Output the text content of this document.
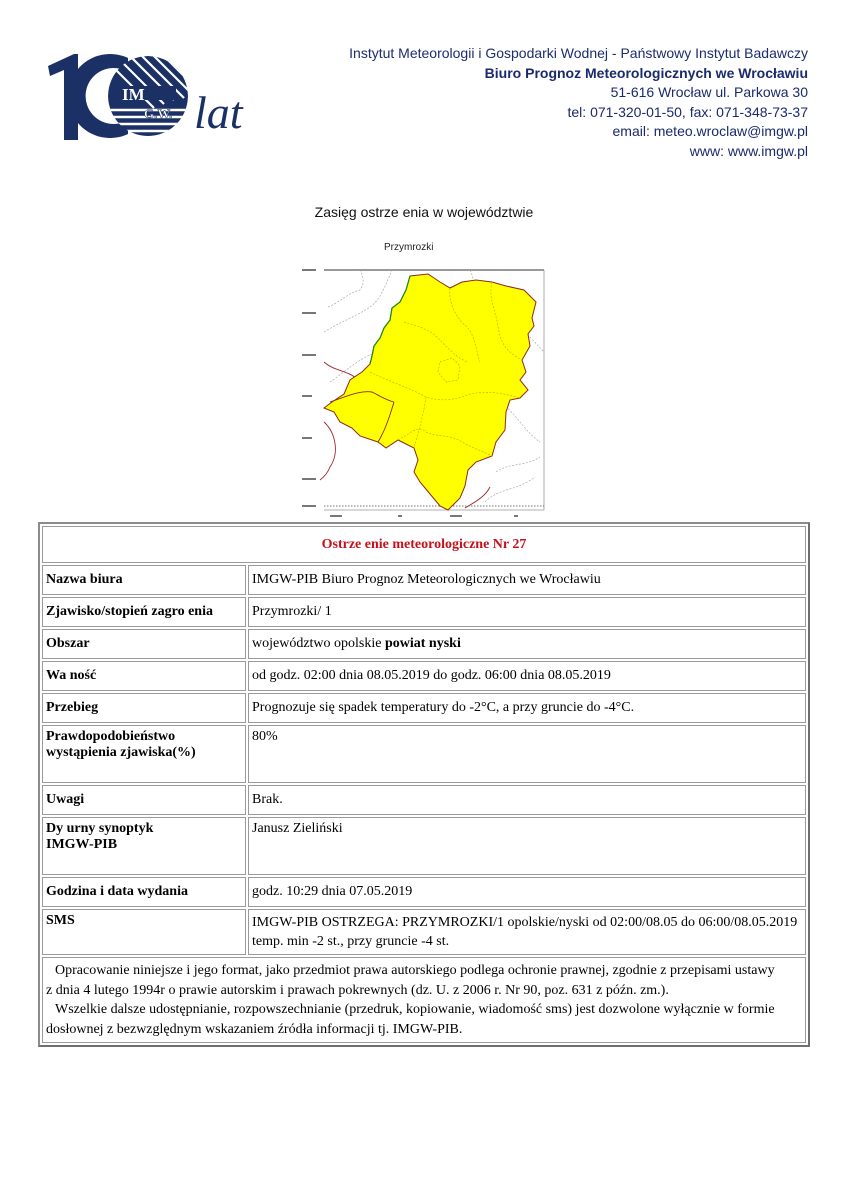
IM
G.W. lat
Instytut Meteorologii i Gospodarki Wodnej - Państwowy Instytut Badawczy
Biuro Prognoz Meteorologicznych we Wrocławiu
51-616 Wrocław ul. Parkowa 30
tel: 071-320-01-50, fax: 071-348-73-37
email: meteo.wroclaw@imgw.pl
www: www.imgw.pl
Zasięg ostrze enia w województwie
Przymrozki
Ostrze enie meteorologiczne Nr 27	
Nazwa biura	IMGW-PIB Biuro Prognoz Meteorologicznych we Wrocławiu
Zjawisko/stopień zagro enia	Przymrozki/ 1
Obszar	województwo opolskie powiat nyski
Wa ność	od godz. 02:00 dnia 08.05.2019 do godz. 06:00 dnia 08.05.2019
Przebieg	Prognozuje się spadek temperatury do -2°C, a przy gruncie do -4°C.

Prawdopodobieństwo
wystąpienia zjawiska(%)	80%
Uwagi	Brak.

Dy urny synoptyk
IMGW-PIB	Janusz Zieliński
Godzina i data wydania	godz. 10:29 dnia 07.05.2019
SMS	IMGW-PIB OSTRZEGA: PRZYMROZKI/1 opolskie/nyski od 02:00/08.05 do 06:00/08.05.2019
temp. min -2 st., przy gruncie -4 st.

Opracowanie niniejsze i jego format, jako przedmiot prawa autorskiego podlega ochronie prawnej, zgodnie z przepisami ustawy
z dnia 4 lutego 1994r o prawie autorskim i prawach pokrewnych (dz. U. z 2006 r. Nr 90, poz. 631 z późn. zm.).
Wszelkie dalsze udostępnianie, rozpowszechnianie (przedruk, kopiowanie, wiadomość sms) jest dozwolone wyłącznie w formie
dosłownej z bezwzględnym wskazaniem źródła informacji tj. IMGW-PIB.	
